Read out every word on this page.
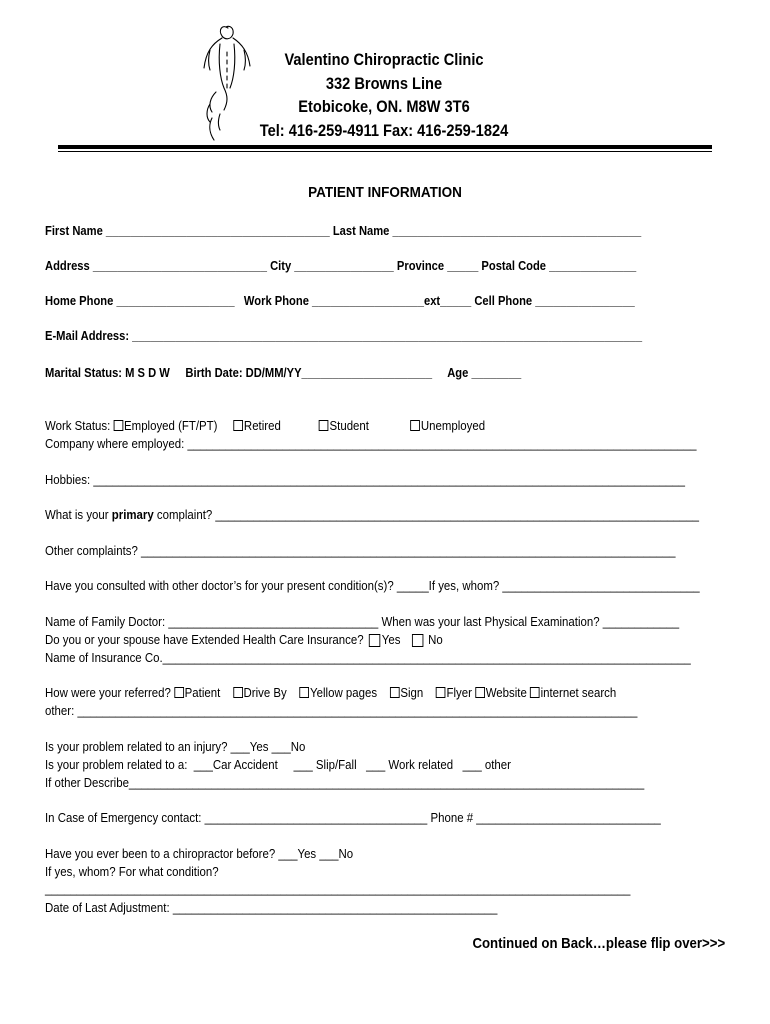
Valentino Chiropractic Clinic
332 Browns Line
Etobicoke, ON. M8W 3T6
Tel: 416-259-4911 Fax: 416-259-1824
PATIENT INFORMATION
First Name ____________________________________ Last Name ________________________________________
Address ____________________________ City ________________ Province _____ Postal Code ______________
Home Phone ___________________   Work Phone __________________ext_____ Cell Phone ________________
E-Mail Address: __________________________________________________________________________________
Marital Status: M S D W Birth Date: DD/MM/YY_____________________     Age ________
Work Status: Employed (FT/PT) Retired	Student	Unemployed
Company where employed: ________________________________________________________________________________
Hobbies: _____________________________________________________________________________________________
What is your primary complaint? ____________________________________________________________________________
Other complaints? ____________________________________________________________________________________
Have you consulted with other doctor’s for your present condition(s)? _____If yes, whom? _______________________________
Name of Family Doctor: _________________________________ When was your last Physical Examination? ____________
Do you or your spouse have Extended Health Care Insurance? Yes No
Name of Insurance Co.___________________________________________________________________________________
How were your referred? Patient Drive By Yellow pages Sign Flyer Website internet search
other: ________________________________________________________________________________________
Is your problem related to an injury? ___Yes ___No
Is your problem related to a:  ___Car Accident     ___ Slip/Fall   ___ Work related   ___ other
If other Describe_________________________________________________________________________________
In Case of Emergency contact: ___________________________________ Phone # _____________________________
Have you ever been to a chiropractor before? ___Yes ___No
If yes, whom? For what condition?
____________________________________________________________________________________________
Date of Last Adjustment: ___________________________________________________
Continued on Back…please flip over>>>
